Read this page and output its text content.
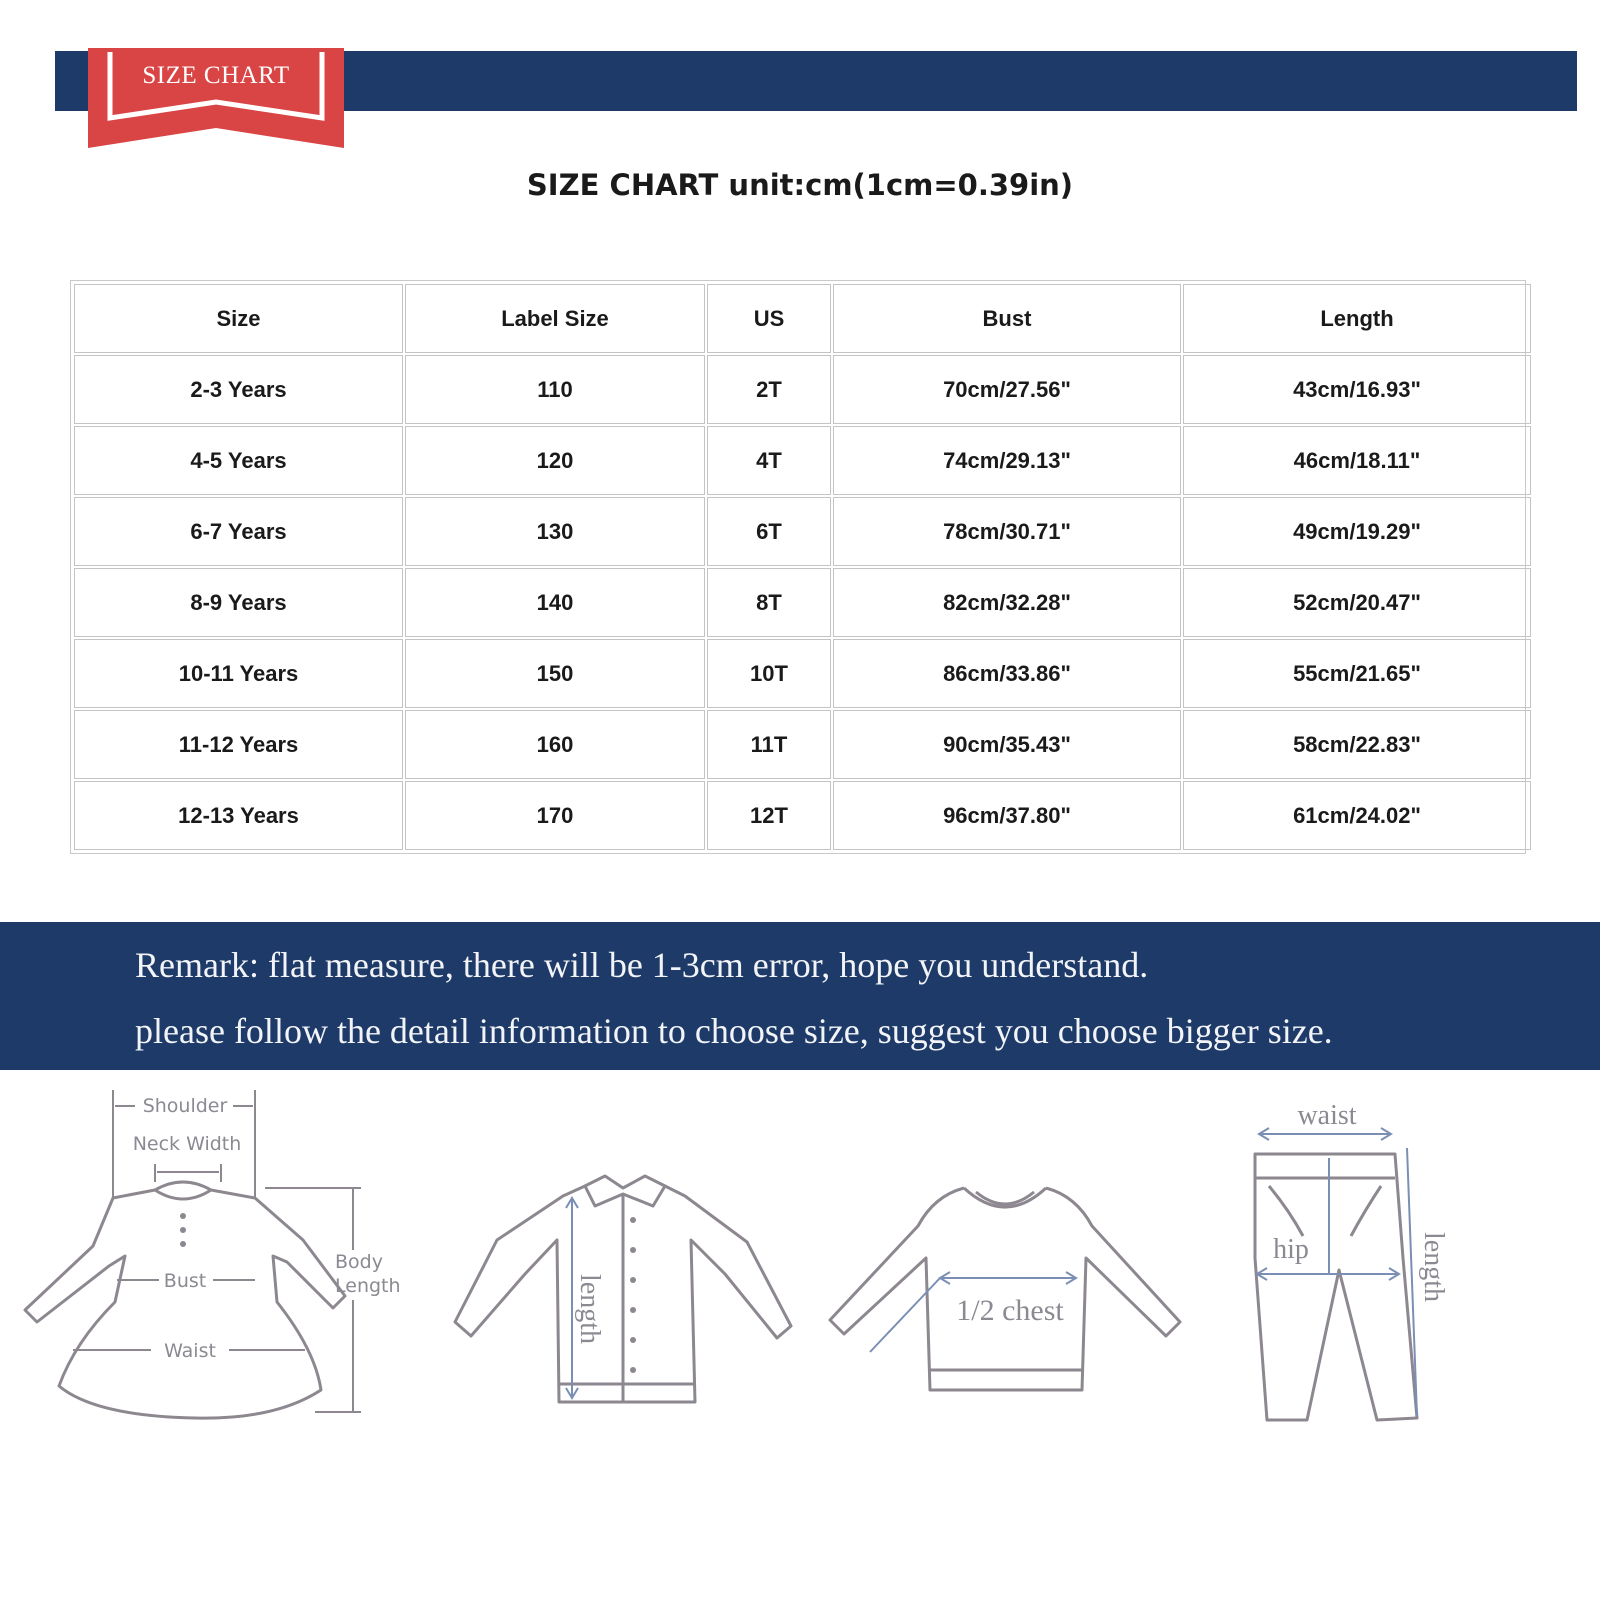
SIZE CHART
SIZE CHART unit:cm(1cm=0.39in)
Size	Label Size	US	Bust	Length
2-3 Years	110	2T	70cm/27.56"	43cm/16.93"
4-5 Years	120	4T	74cm/29.13"	46cm/18.11"
6-7 Years	130	6T	78cm/30.71"	49cm/19.29"
8-9 Years	140	8T	82cm/32.28"	52cm/20.47"
10-11 Years	150	10T	86cm/33.86"	55cm/21.65"
11-12 Years	160	11T	90cm/35.43"	58cm/22.83"
12-13 Years	170	12T	96cm/37.80"	61cm/24.02"
Remark: flat measure, there will be 1-3cm error, hope you understand.
please follow the detail information to choose size, suggest you choose bigger size.
Shoulder
Neck Width
Bust
Waist
Body
Length	length	1/2 chest
waist
hip	length
